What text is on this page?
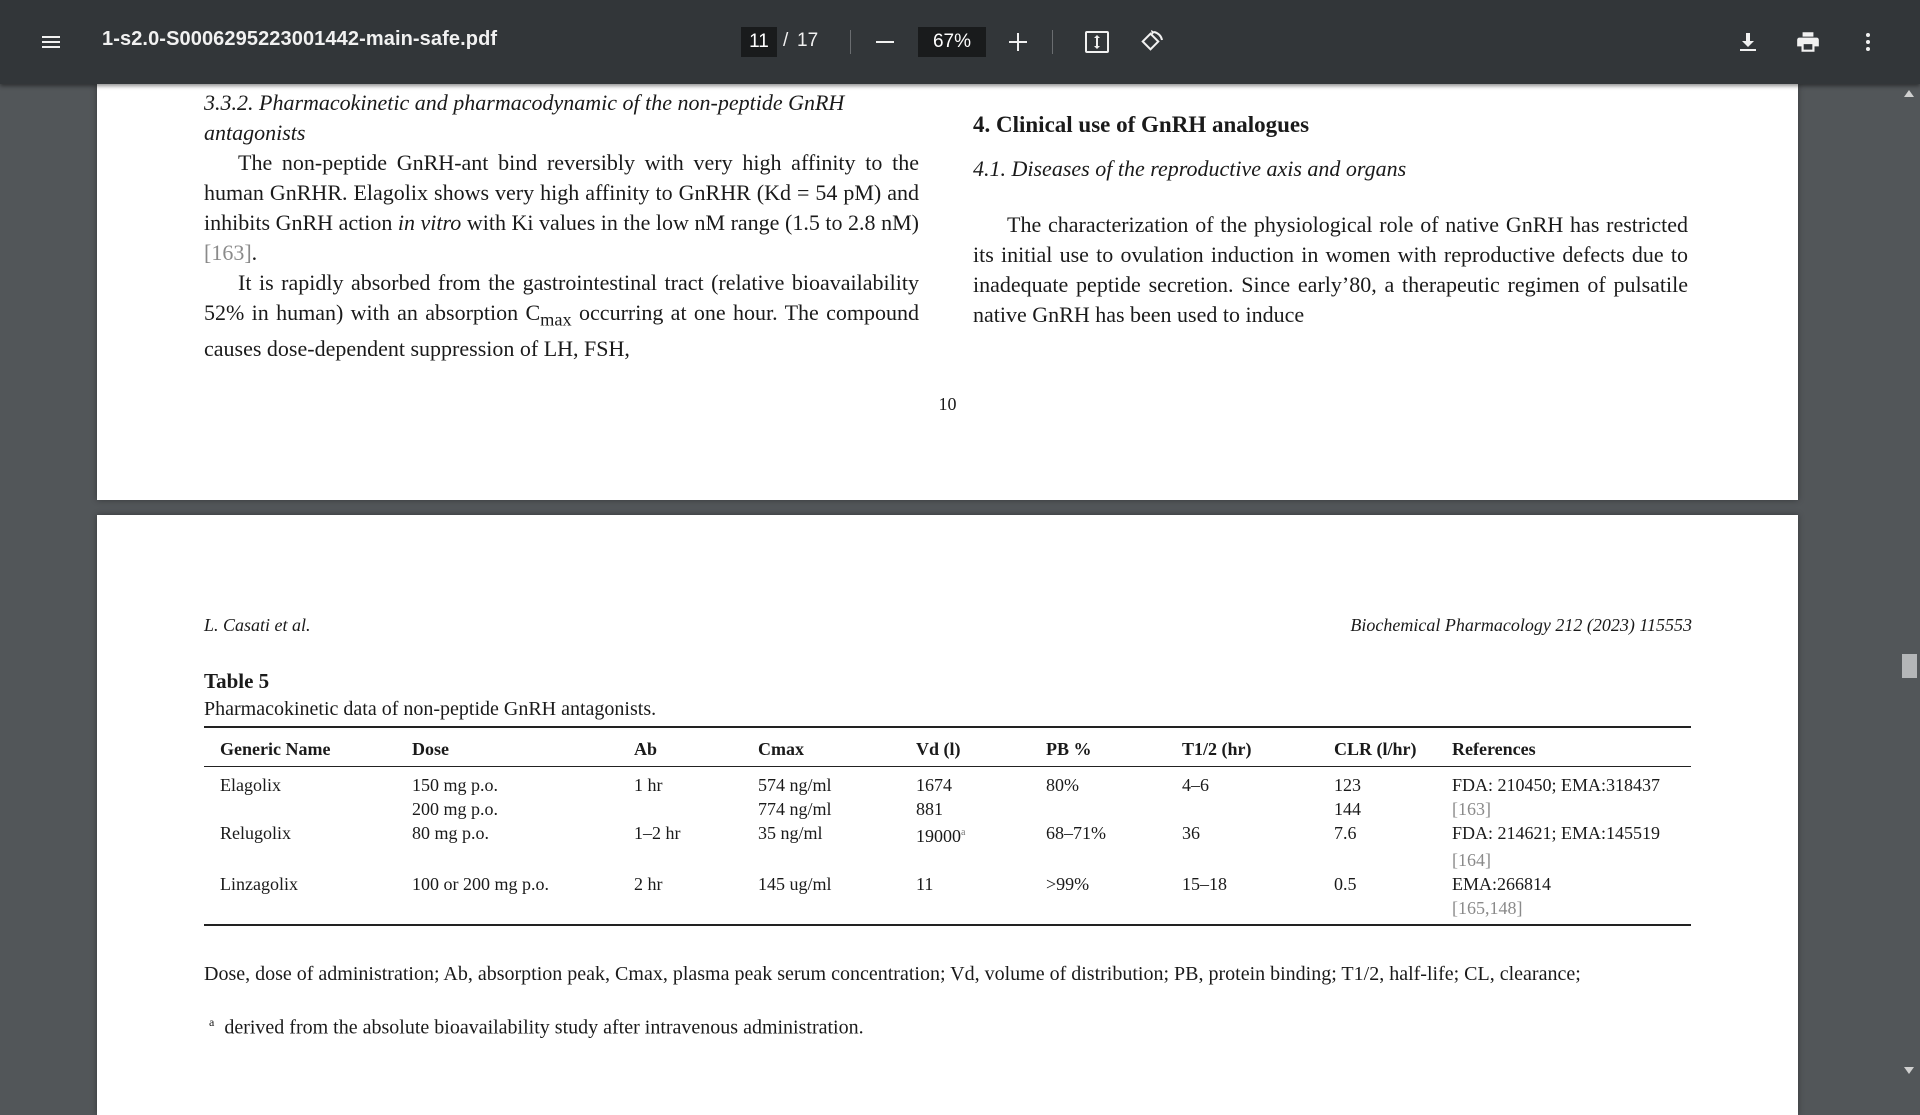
1-s2.0-S0006295223001442-main-safe.pdf
11	/ 17	67%

3.3.2. Pharmacokinetic and pharmacodynamic of the non-peptide GnRH antagonists

The non-peptide GnRH-ant bind reversibly with very high affinity to the human GnRHR. Elagolix shows very high affinity to GnRHR (Kd = 54 pM) and inhibits GnRH action in vitro with Ki values in the low nM range (1.5 to 2.8 nM) [163].

It is rapidly absorbed from the gastrointestinal tract (relative bioavailability 52% in human) with an absorption $C_{max}$ occurring at one hour. The compound causes dose-dependent suppression of LH, FSH,

4. Clinical use of GnRH analogues

4.1. Diseases of the reproductive axis and organs

The characterization of the physiological role of native GnRH has restricted its initial use to ovulation induction in women with reproductive defects due to inadequate peptide secretion. Since early’80, a therapeutic regimen of pulsatile native GnRH has been used to induce

10
L. Casati et al.	Biochemical Pharmacology 212 (2023) 115553
Table 5
Pharmacokinetic data of non-peptide GnRH antagonists.
Generic Name	Dose	Ab	Cmax	Vd (l)	PB %	T1/2 (hr)	CLR (l/hr)	References
Elagolix	150 mg p.o.	1 hr	574 ng/ml	1674	80%	4–6	123	FDA: 210450; EMA:318437
	200 mg p.o.		774 ng/ml	881			144	[163]
Relugolix	80 mg p.o.	1–2 hr	35 ng/ml	19000$^a$	68–71%	36	7.6	FDA: 214621; EMA:145519
								[164]
Linzagolix	100 or 200 mg p.o.	2 hr	145 ug/ml	11	>99%	15–18	0.5	EMA:266814
								[165,148]
Dose, dose of administration; Ab, absorption peak, Cmax, plasma peak serum concentration; Vd, volume of distribution; PB, protein binding; T1/2, half-life; CL, clearance;
$^a$ derived from the absolute bioavailability study after intravenous administration.
